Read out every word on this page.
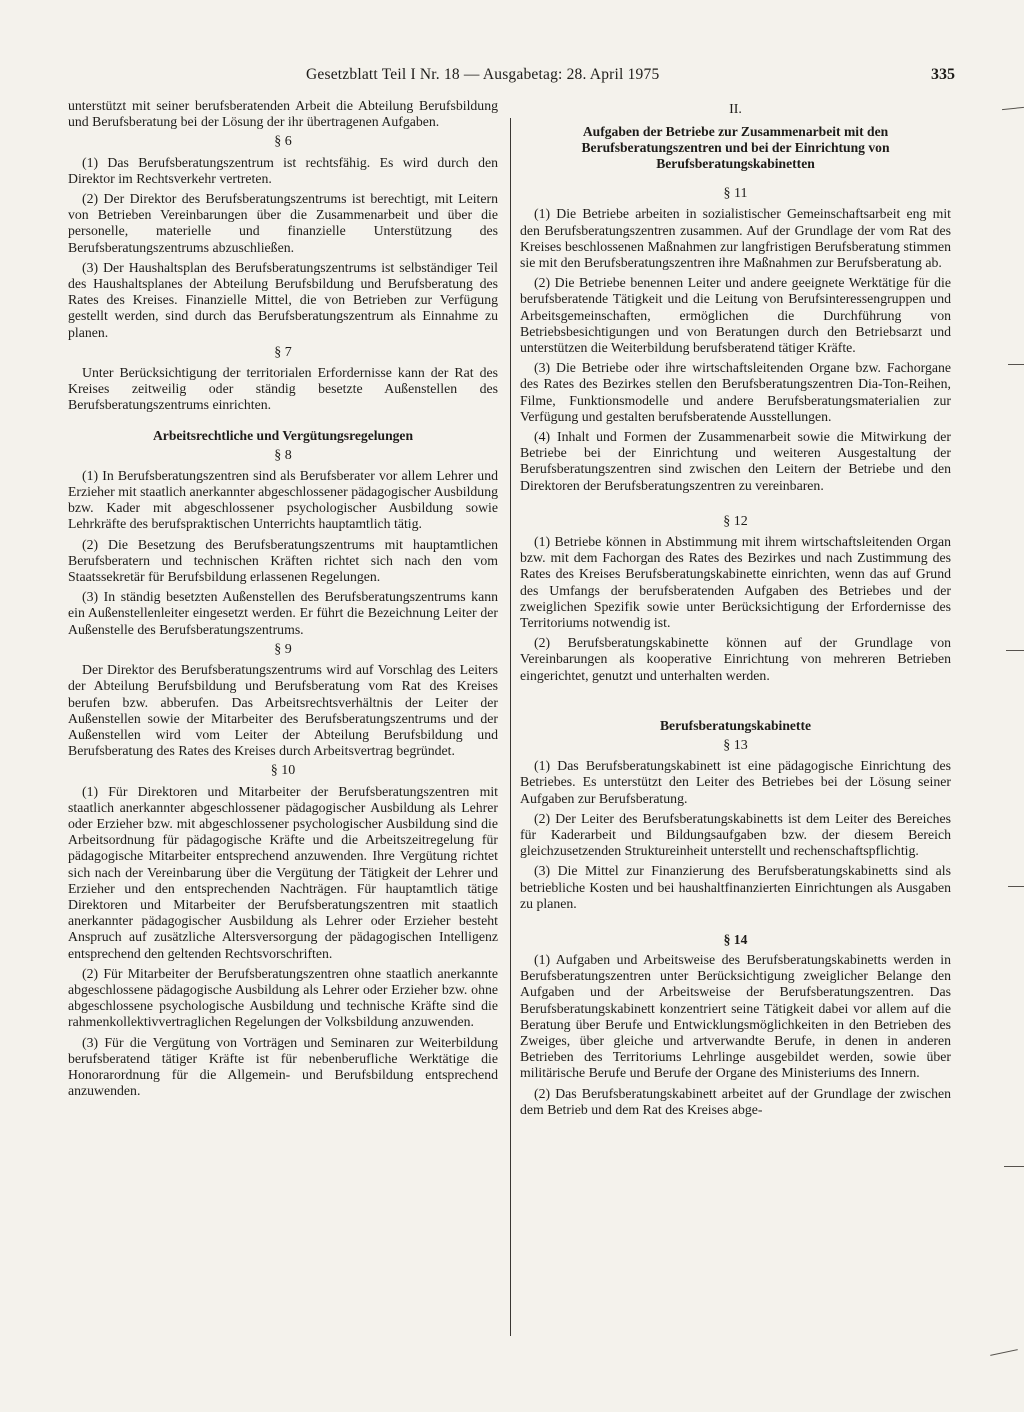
Gesetzblatt Teil I Nr. 18 — Ausgabetag: 28. April 1975	335

unterstützt mit seiner berufsberatenden Arbeit die Abteilung Berufsbildung und Berufsberatung bei der Lösung der ihr übertragenen Aufgaben.

§ 6

(1) Das Berufsberatungszentrum ist rechtsfähig. Es wird durch den Direktor im Rechtsverkehr vertreten.

(2) Der Direktor des Berufsberatungszentrums ist berechtigt, mit Leitern von Betrieben Vereinbarungen über die Zusammenarbeit und über die personelle, materielle und finanzielle Unterstützung des Berufsberatungszentrums abzuschließen.

(3) Der Haushaltsplan des Berufsberatungszentrums ist selbständiger Teil des Haushaltsplanes der Abteilung Berufsbildung und Berufsberatung des Rates des Kreises. Finanzielle Mittel, die von Betrieben zur Verfügung gestellt werden, sind durch das Berufsberatungszentrum als Einnahme zu planen.

§ 7

Unter Berücksichtigung der territorialen Erfordernisse kann der Rat des Kreises zeitweilig oder ständig besetzte Außenstellen des Berufsberatungszentrums einrichten.

Arbeitsrechtliche und Vergütungsregelungen
§ 8

(1) In Berufsberatungszentren sind als Berufsberater vor allem Lehrer und Erzieher mit staatlich anerkannter abgeschlossener pädagogischer Ausbildung bzw. Kader mit abgeschlossener psychologischer Ausbildung sowie Lehrkräfte des berufspraktischen Unterrichts hauptamtlich tätig.

(2) Die Besetzung des Berufsberatungszentrums mit hauptamtlichen Berufsberatern und technischen Kräften richtet sich nach den vom Staatssekretär für Berufsbildung erlassenen Regelungen.

(3) In ständig besetzten Außenstellen des Berufsberatungszentrums kann ein Außenstellenleiter eingesetzt werden. Er führt die Bezeichnung Leiter der Außenstelle des Berufsberatungszentrums.

§ 9

Der Direktor des Berufsberatungszentrums wird auf Vorschlag des Leiters der Abteilung Berufsbildung und Berufsberatung vom Rat des Kreises berufen bzw. abberufen. Das Arbeitsrechtsverhältnis der Leiter der Außenstellen sowie der Mitarbeiter des Berufsberatungszentrums und der Außenstellen wird vom Leiter der Abteilung Berufsbildung und Berufsberatung des Rates des Kreises durch Arbeitsvertrag begründet.

§ 10

(1) Für Direktoren und Mitarbeiter der Berufsberatungszentren mit staatlich anerkannter abgeschlossener pädagogischer Ausbildung als Lehrer oder Erzieher bzw. mit abgeschlossener psychologischer Ausbildung sind die Arbeitsordnung für pädagogische Kräfte und die Arbeitszeitregelung für pädagogische Mitarbeiter entsprechend anzuwenden. Ihre Vergütung richtet sich nach der Vereinbarung über die Vergütung der Tätigkeit der Lehrer und Erzieher und den entsprechenden Nachträgen. Für hauptamtlich tätige Direktoren und Mitarbeiter der Berufsberatungszentren mit staatlich anerkannter pädagogischer Ausbildung als Lehrer oder Erzieher besteht Anspruch auf zusätzliche Altersversorgung der pädagogischen Intelligenz entsprechend den geltenden Rechtsvorschriften.

(2) Für Mitarbeiter der Berufsberatungszentren ohne staatlich anerkannte abgeschlossene pädagogische Ausbildung als Lehrer oder Erzieher bzw. ohne abgeschlossene psychologische Ausbildung und technische Kräfte sind die rahmenkollektivvertraglichen Regelungen der Volksbildung anzuwenden.

(3) Für die Vergütung von Vorträgen und Seminaren zur Weiterbildung berufsberatend tätiger Kräfte ist für nebenberufliche Werktätige die Honorarordnung für die Allgemein- und Berufsbildung entsprechend anzuwenden.

II.
Aufgaben der Betriebe zur Zusammenarbeit mit den Berufsberatungszentren und bei der Einrichtung von Berufsberatungskabinetten
§ 11

(1) Die Betriebe arbeiten in sozialistischer Gemeinschaftsarbeit eng mit den Berufsberatungszentren zusammen. Auf der Grundlage der vom Rat des Kreises beschlossenen Maßnahmen zur langfristigen Berufsberatung stimmen sie mit den Berufsberatungszentren ihre Maßnahmen zur Berufsberatung ab.

(2) Die Betriebe benennen Leiter und andere geeignete Werktätige für die berufsberatende Tätigkeit und die Leitung von Berufsinteressengruppen und Arbeitsgemeinschaften, ermöglichen die Durchführung von Betriebsbesichtigungen und von Beratungen durch den Betriebsarzt und unterstützen die Weiterbildung berufsberatend tätiger Kräfte.

(3) Die Betriebe oder ihre wirtschaftsleitenden Organe bzw. Fachorgane des Rates des Bezirkes stellen den Berufsberatungszentren Dia-Ton-Reihen, Filme, Funktionsmodelle und andere Berufsberatungsmaterialien zur Verfügung und gestalten berufsberatende Ausstellungen.

(4) Inhalt und Formen der Zusammenarbeit sowie die Mitwirkung der Betriebe bei der Einrichtung und weiteren Ausgestaltung der Berufsberatungszentren sind zwischen den Leitern der Betriebe und den Direktoren der Berufsberatungszentren zu vereinbaren.

§ 12

(1) Betriebe können in Abstimmung mit ihrem wirtschaftsleitenden Organ bzw. mit dem Fachorgan des Rates des Bezirkes und nach Zustimmung des Rates des Kreises Berufsberatungskabinette einrichten, wenn das auf Grund des Umfangs der berufsberatenden Aufgaben des Betriebes und der zweiglichen Spezifik sowie unter Berücksichtigung der Erfordernisse des Territoriums notwendig ist.

(2) Berufsberatungskabinette können auf der Grundlage von Vereinbarungen als kooperative Einrichtung von mehreren Betrieben eingerichtet, genutzt und unterhalten werden.

Berufsberatungskabinette
§ 13

(1) Das Berufsberatungskabinett ist eine pädagogische Einrichtung des Betriebes. Es unterstützt den Leiter des Betriebes bei der Lösung seiner Aufgaben zur Berufsberatung.

(2) Der Leiter des Berufsberatungskabinetts ist dem Leiter des Bereiches für Kaderarbeit und Bildungsaufgaben bzw. der diesem Bereich gleichzusetzenden Struktureinheit unterstellt und rechenschaftspflichtig.

(3) Die Mittel zur Finanzierung des Berufsberatungskabinetts sind als betriebliche Kosten und bei haushaltfinanzierten Einrichtungen als Ausgaben zu planen.

§ 14

(1) Aufgaben und Arbeitsweise des Berufsberatungskabinetts werden in Berufsberatungszentren unter Berücksichtigung zweiglicher Belange den Aufgaben und der Arbeitsweise der Berufsberatungszentren. Das Berufsberatungskabinett konzentriert seine Tätigkeit dabei vor allem auf die Beratung über Berufe und Entwicklungsmöglichkeiten in den Betrieben des Zweiges, über gleiche und artverwandte Berufe, in denen in anderen Betrieben des Territoriums Lehrlinge ausgebildet werden, sowie über militärische Berufe und Berufe der Organe des Ministeriums des Innern.

(2) Das Berufsberatungskabinett arbeitet auf der Grundlage der zwischen dem Betrieb und dem Rat des Kreises abge-
